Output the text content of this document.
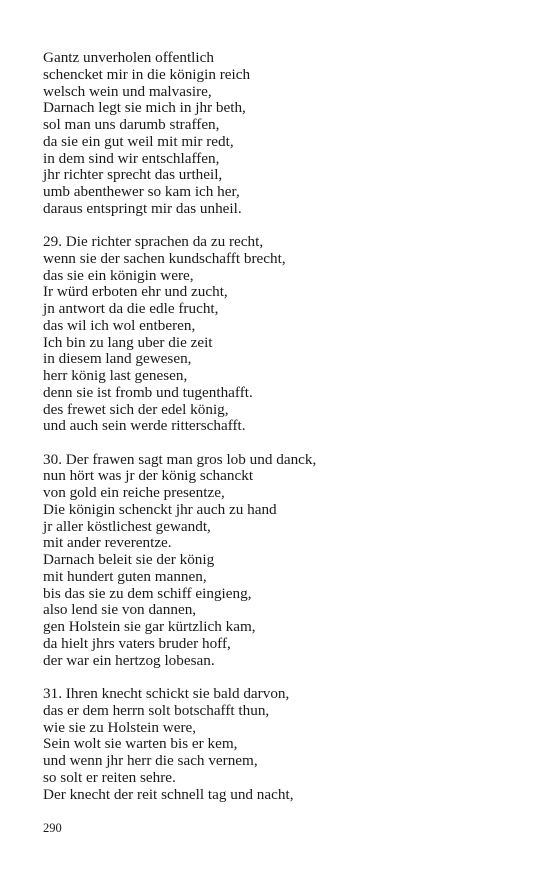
Gantz unverholen offentlich
schencket mir in die königin reich
welsch wein und malvasire,
Darnach legt sie mich in jhr beth,
sol man uns darumb straffen,
da sie ein gut weil mit mir redt,
in dem sind wir entschlaffen,
jhr richter sprecht das urtheil,
umb abenthewer so kam ich her,
daraus entspringt mir das unheil.
29. Die richter sprachen da zu recht,
wenn sie der sachen kundschafft brecht,
das sie ein königin were,
Ir würd erboten ehr und zucht,
jn antwort da die edle frucht,
das wil ich wol entberen,
Ich bin zu lang uber die zeit
in diesem land gewesen,
herr könig last genesen,
denn sie ist fromb und tugenthafft.
des frewet sich der edel könig,
und auch sein werde ritterschafft.
30. Der frawen sagt man gros lob und danck,
nun hört was jr der könig schanckt
von gold ein reiche presentze,
Die königin schenckt jhr auch zu hand
jr aller köstlichest gewandt,
mit ander reverentze.
Darnach beleit sie der könig
mit hundert guten mannen,
bis das sie zu dem schiff eingieng,
also lend sie von dannen,
gen Holstein sie gar kürtzlich kam,
da hielt jhrs vaters bruder hoff,
der war ein hertzog lobesan.
31. Ihren knecht schickt sie bald darvon,
das er dem herrn solt botschafft thun,
wie sie zu Holstein were,
Sein wolt sie warten bis er kem,
und wenn jhr herr die sach vernem,
so solt er reiten sehre.
Der knecht der reit schnell tag und nacht,
290
